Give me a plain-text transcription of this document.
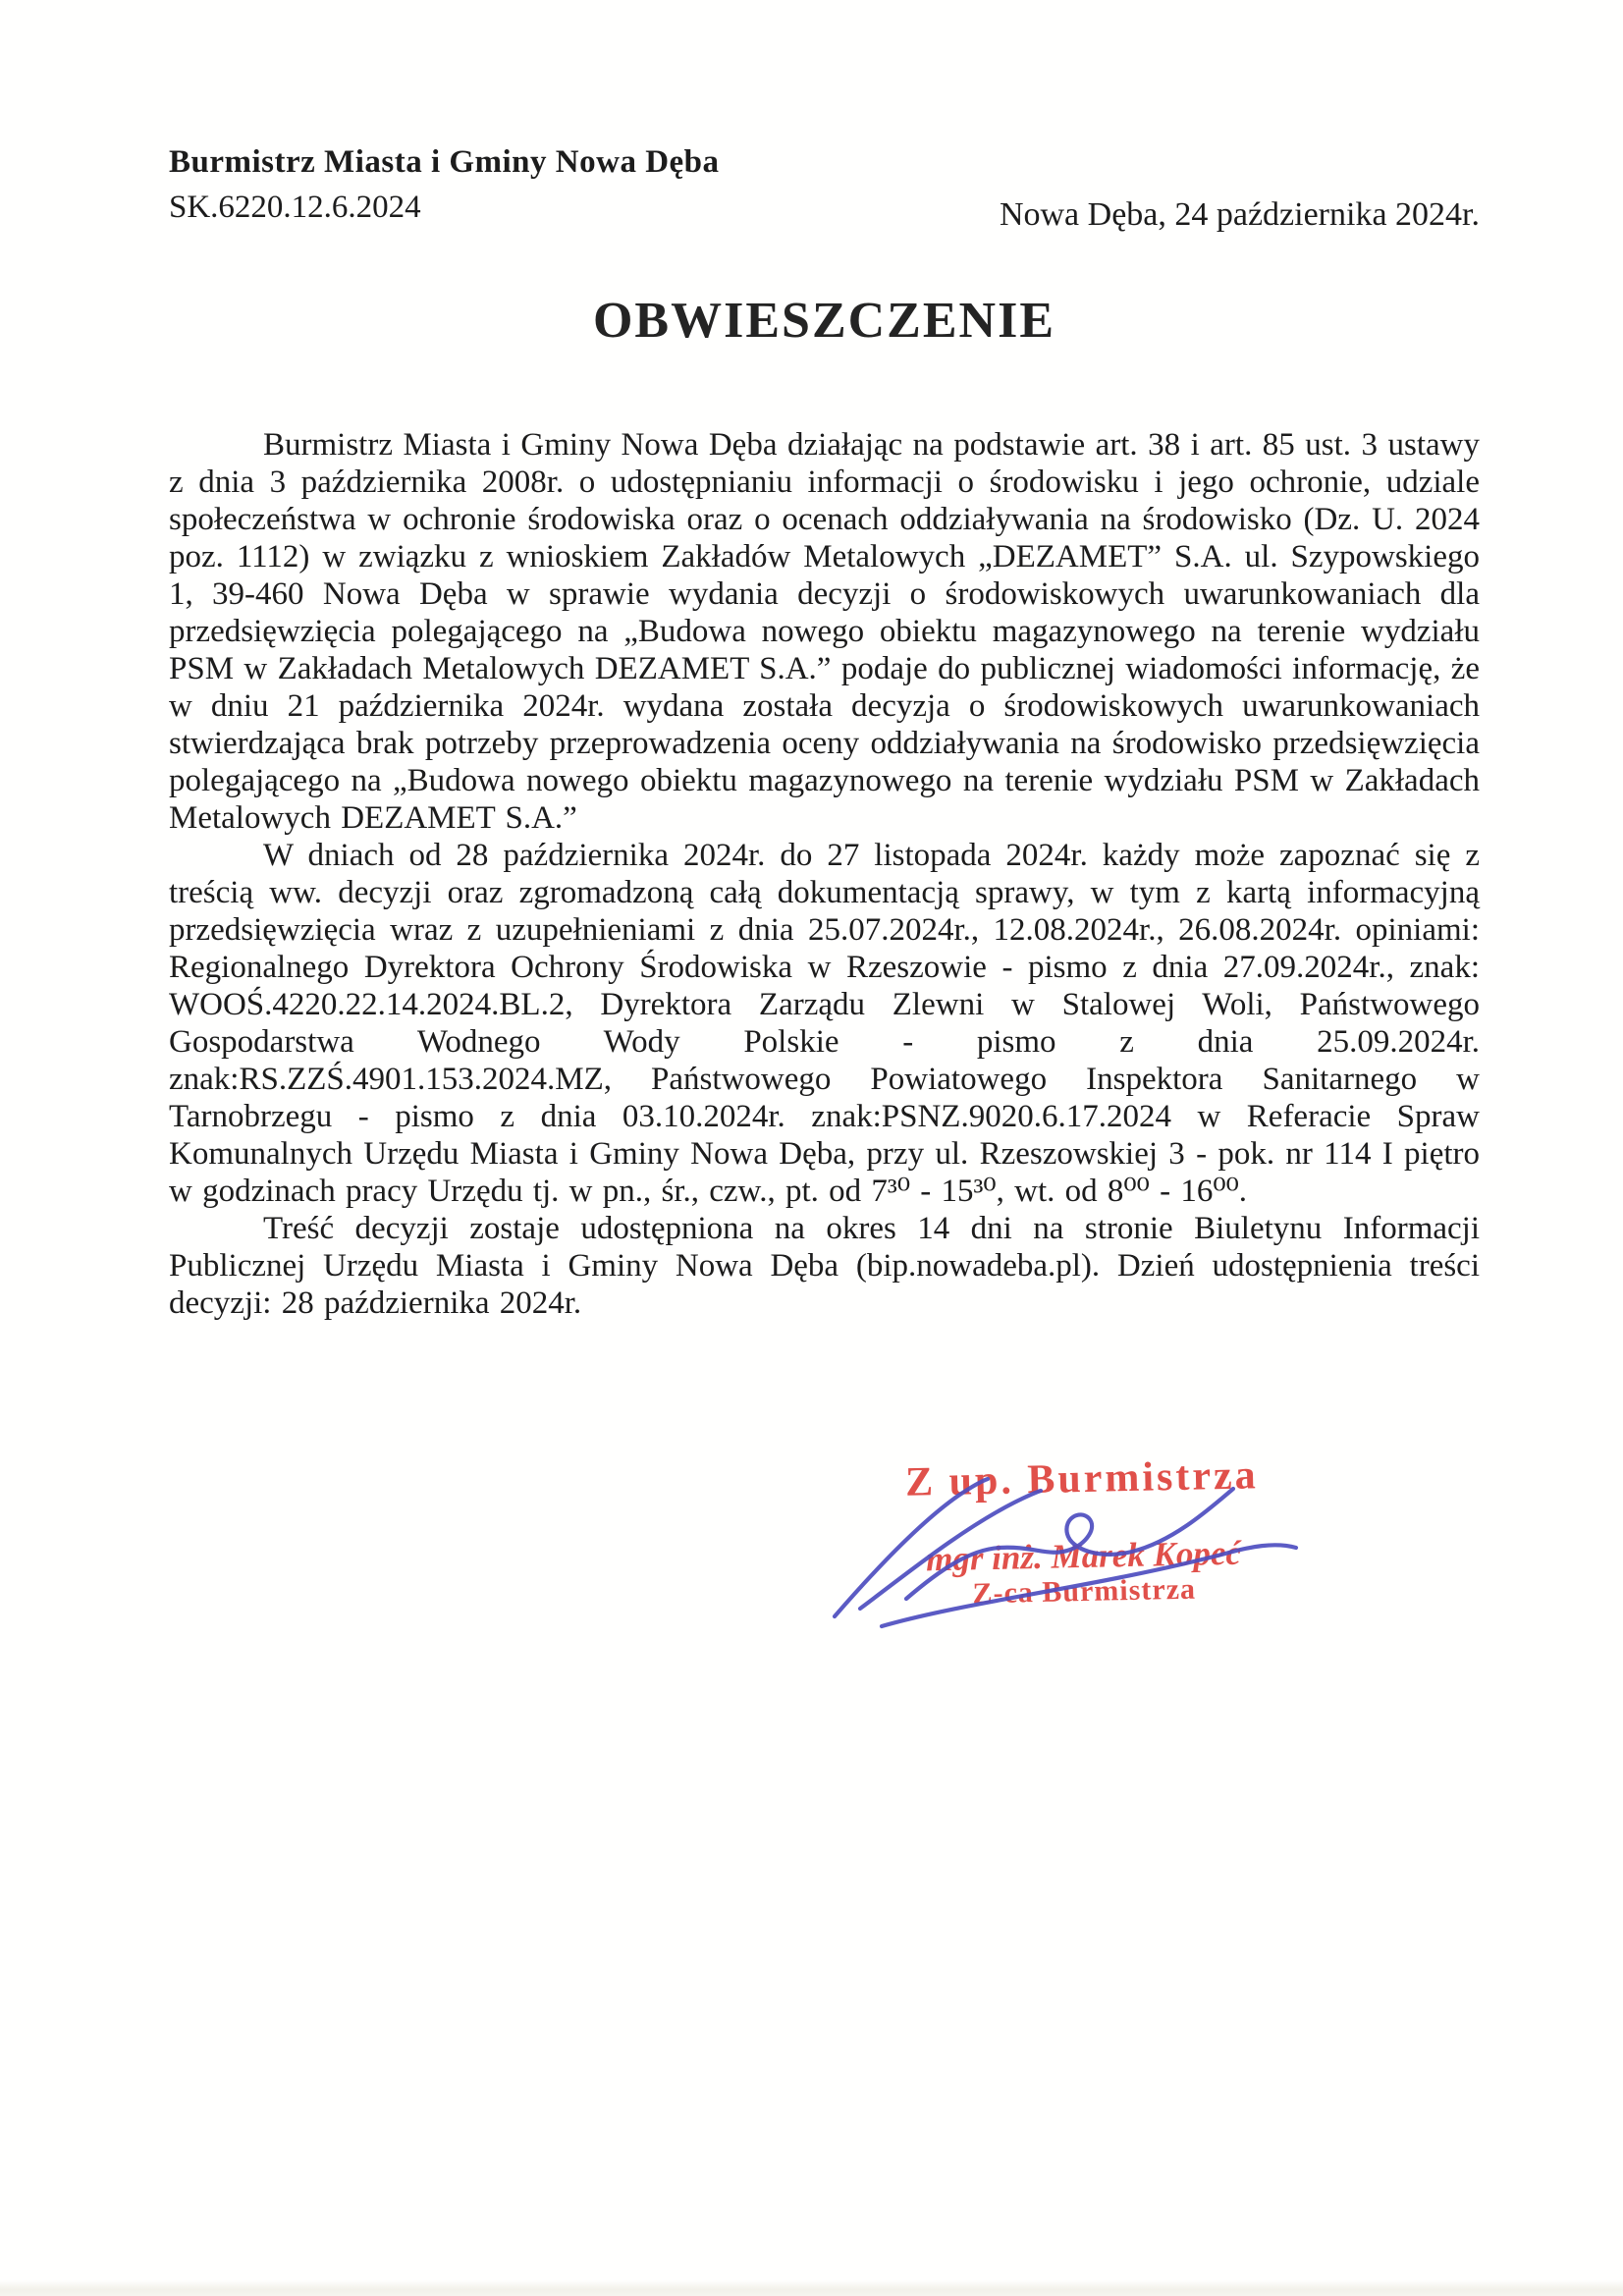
Burmistrz Miasta i Gminy Nowa Dęba
SK.6220.12.6.2024	Nowa Dęba, 24 października 2024r.
OBWIESZCZENIE

Burmistrz Miasta i Gminy Nowa Dęba działając na podstawie art. 38 i art. 85 ust. 3 ustawy z dnia 3 października 2008r. o udostępnianiu informacji o środowisku i jego ochronie, udziale społeczeństwa w ochronie środowiska oraz o ocenach oddziaływania na środowisko (Dz. U. 2024 poz. 1112) w związku z wnioskiem Zakładów Metalowych „DEZAMET” S.A. ul. Szypowskiego 1, 39-460 Nowa Dęba w sprawie wydania decyzji o środowiskowych uwarunkowaniach dla przedsięwzięcia polegającego na „Budowa nowego obiektu magazynowego na terenie wydziału PSM w Zakładach Metalowych DEZAMET S.A.” podaje do publicznej wiadomości informację, że w dniu 21 października 2024r. wydana została decyzja o środowiskowych uwarunkowaniach stwierdzająca brak potrzeby przeprowadzenia oceny oddziaływania na środowisko przedsięwzięcia polegającego na „Budowa nowego obiektu magazynowego na terenie wydziału PSM w Zakładach Metalowych DEZAMET S.A.”

W dniach od 28 października 2024r. do 27 listopada 2024r. każdy może zapoznać się z treścią ww. decyzji oraz zgromadzoną całą dokumentacją sprawy, w tym z kartą informacyjną przedsięwzięcia wraz z uzupełnieniami z dnia 25.07.2024r., 12.08.2024r., 26.08.2024r. opiniami: Regionalnego Dyrektora Ochrony Środowiska w Rzeszowie - pismo z dnia 27.09.2024r., znak: WOOŚ.4220.22.14.2024.BL.2, Dyrektora Zarządu Zlewni w Stalowej Woli, Państwowego Gospodarstwa Wodnego Wody Polskie - pismo z dnia 25.09.2024r. znak:RS.ZZŚ.4901.153.2024.MZ, Państwowego Powiatowego Inspektora Sanitarnego w Tarnobrzegu - pismo z dnia 03.10.2024r. znak:PSNZ.9020.6.17.2024 w Referacie Spraw Komunalnych Urzędu Miasta i Gminy Nowa Dęba, przy ul. Rzeszowskiej 3 - pok. nr 114 I piętro w godzinach pracy Urzędu tj. w pn., śr., czw., pt. od 7³⁰ - 15³⁰, wt. od 8⁰⁰ - 16⁰⁰.

Treść decyzji zostaje udostępniona na okres 14 dni na stronie Biuletynu Informacji Publicznej Urzędu Miasta i Gminy Nowa Dęba (bip.nowadeba.pl). Dzień udostępnienia treści decyzji: 28 października 2024r.

Z up. Burmistrza
mgr inż. Marek Kopeć
Z-ca Burmistrza
